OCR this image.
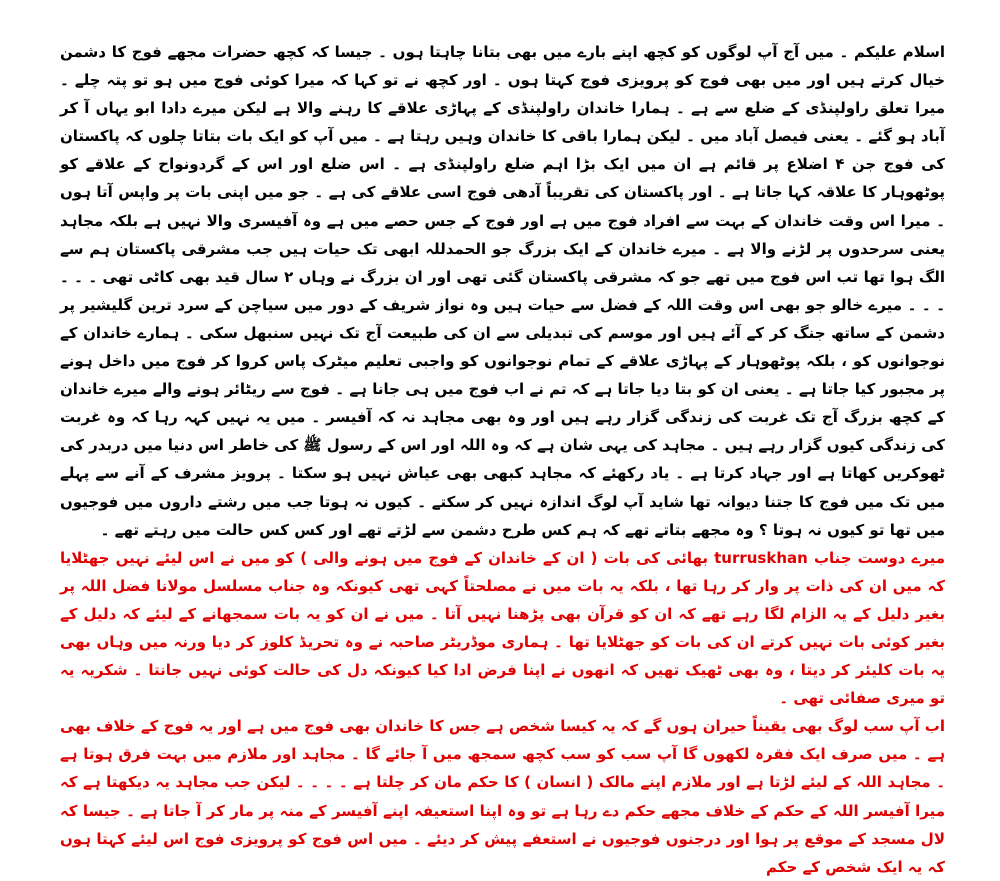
اسلام علیکم ۔ میں آج آپ لوگوں کو کچھ اپنے بارے میں بھی بتانا چاہتا ہوں ۔ جیسا کہ کچھ حضرات مجھے فوج کا دشمن خیال کرتے ہیں اور میں بھی فوج کو پرویزی فوج کہتا ہوں ۔ اور کچھ نے تو کہا کہ میرا کوئی فوج میں ہو تو پتہ چلے ۔ میرا تعلق راولپنڈی کے ضلع سے ہے ۔ ہمارا خاندان راولپنڈی کے پہاڑی علاقے کا رہنے والا ہے لیکن میرے دادا ابو یہاں آ کر آباد ہو گئے ۔ یعنی فیصل آباد میں ۔ لیکن ہمارا باقی کا خاندان وہیں رہتا ہے ۔ میں آپ کو ایک بات بتاتا چلوں کہ پاکستان کی فوج جن ۴ اضلاع پر قائم ہے ان میں ایک بڑا اہم ضلع راولپنڈی ہے ۔ اس ضلع اور اس کے گردونواح کے علاقے کو پوٹھوہار کا علاقہ کہا جاتا ہے ۔ اور پاکستان کی تقریباً آدھی فوج اسی علاقے کی ہے ۔ جو میں اپنی بات پر واپس آتا ہوں ۔ میرا اس وقت خاندان کے بہت سے افراد فوج میں ہے اور فوج کے جس حصے میں ہے وہ آفیسری والا نہیں ہے بلکہ مجاہد یعنی سرحدوں پر لڑنے والا ہے ۔ میرے خاندان کے ایک بزرگ جو الحمدللہ ابھی تک حیات ہیں جب مشرقی پاکستان ہم سے الگ ہوا تھا تب اس فوج میں تھے جو کہ مشرقی پاکستان گئی تھی اور ان بزرگ نے وہاں ۲ سال قید بھی کاٹی تھی ۔ ۔ ۔ ۔ ۔ ۔ میرے خالو جو بھی اس وقت اللہ کے فضل سے حیات ہیں وہ نواز شریف کے دور میں سیاچن کے سرد ترین گلیشیر پر دشمن کے ساتھ جنگ کر کے آئے ہیں اور موسم کی تبدیلی سے ان کی طبیعت آج تک نہیں سنبھل سکی ۔ ہمارے خاندان کے نوجوانوں کو ، بلکہ پوٹھوہار کے پہاڑی علاقے کے تمام نوجوانوں کو واجبی تعلیم میٹرک پاس کروا کر فوج میں داخل ہونے پر مجبور کیا جاتا ہے ۔ یعنی ان کو بتا دیا جاتا ہے کہ تم نے اب فوج میں ہی جانا ہے ۔ فوج سے ریٹائر ہونے والے میرے خاندان کے کچھ بزرگ آج تک غربت کی زندگی گزار رہے ہیں اور وہ بھی مجاہد نہ کہ آفیسر ۔ میں یہ نہیں کہہ رہا کہ وہ غربت کی زندگی کیوں گزار رہے ہیں ۔ مجاہد کی یہی شان ہے کہ وہ اللہ اور اس کے رسول ﷺ کی خاطر اس دنیا میں دربدر کی ٹھوکریں کھاتا ہے اور جہاد کرتا ہے ۔ یاد رکھئے کہ مجاہد کبھی بھی عیاش نہیں ہو سکتا ۔ پرویز مشرف کے آنے سے پہلے میں تک میں فوج کا جتنا دیوانہ تھا شاید آپ لوگ اندازہ نہیں کر سکتے ۔ کیوں نہ ہوتا جب میں رشتے داروں میں فوجیوں میں تھا تو کیوں نہ ہوتا ؟ وہ مجھے بتاتے تھے کہ ہم کس طرح دشمن سے لڑتے تھے اور کس کس حالت میں رہتے تھے ۔

میرے دوست جناب turruskhan بھائی کی بات ( ان کے خاندان کے فوج میں ہونے والی ) کو میں نے اس لیئے نہیں جھٹلایا کہ میں ان کی ذات پر وار کر رہا تھا ، بلکہ یہ بات میں نے مصلحتاً کہی تھی کیونکہ وہ جناب مسلسل مولانا فضل اللہ پر بغیر دلیل کے یہ الزام لگا رہے تھے کہ ان کو قرآن بھی پڑھنا نہیں آتا ۔ میں نے ان کو یہ بات سمجھانے کے لیئے کہ دلیل کے بغیر کوئی بات نہیں کرتے ان کی بات کو جھٹلایا تھا ۔ ہماری موڈریٹر صاحبہ نے وہ تحریڈ کلوز کر دیا ورنہ میں وہاں بھی یہ بات کلیئر کر دیتا ، وہ بھی ٹھیک تھیں کہ انھوں نے اپنا فرض ادا کیا کیونکہ دل کی حالت کوئی نہیں جانتا ۔ شکریہ یہ تو میری صفائی تھی ۔

اب آپ سب لوگ بھی یقیناً حیران ہوں گے کہ یہ کیسا شخص ہے جس کا خاندان بھی فوج میں ہے اور یہ فوج کے خلاف بھی ہے ۔ میں صرف ایک فقرہ لکھوں گا آپ سب کو سب کچھ سمجھ میں آ جائے گا ۔ مجاہد اور ملازم میں بہت فرق ہوتا ہے ۔ مجاہد اللہ کے لیئے لڑتا ہے اور ملازم اپنے مالک ( انسان ) کا حکم مان کر چلتا ہے ۔ ۔ ۔ ۔ لیکن جب مجاہد یہ دیکھتا ہے کہ میرا آفیسر اللہ کے حکم کے خلاف مجھے حکم دے رہا ہے تو وہ اپنا استعیفہ اپنے آفیسر کے منہ پر مار کر آ جاتا ہے ۔ جیسا کہ لال مسجد کے موقع پر ہوا اور درجنوں فوجیوں نے استعفے پیش کر دیئے ۔ میں اس فوج کو پرویزی فوج اس لیئے کہتا ہوں کہ یہ ایک شخص کے حکم
